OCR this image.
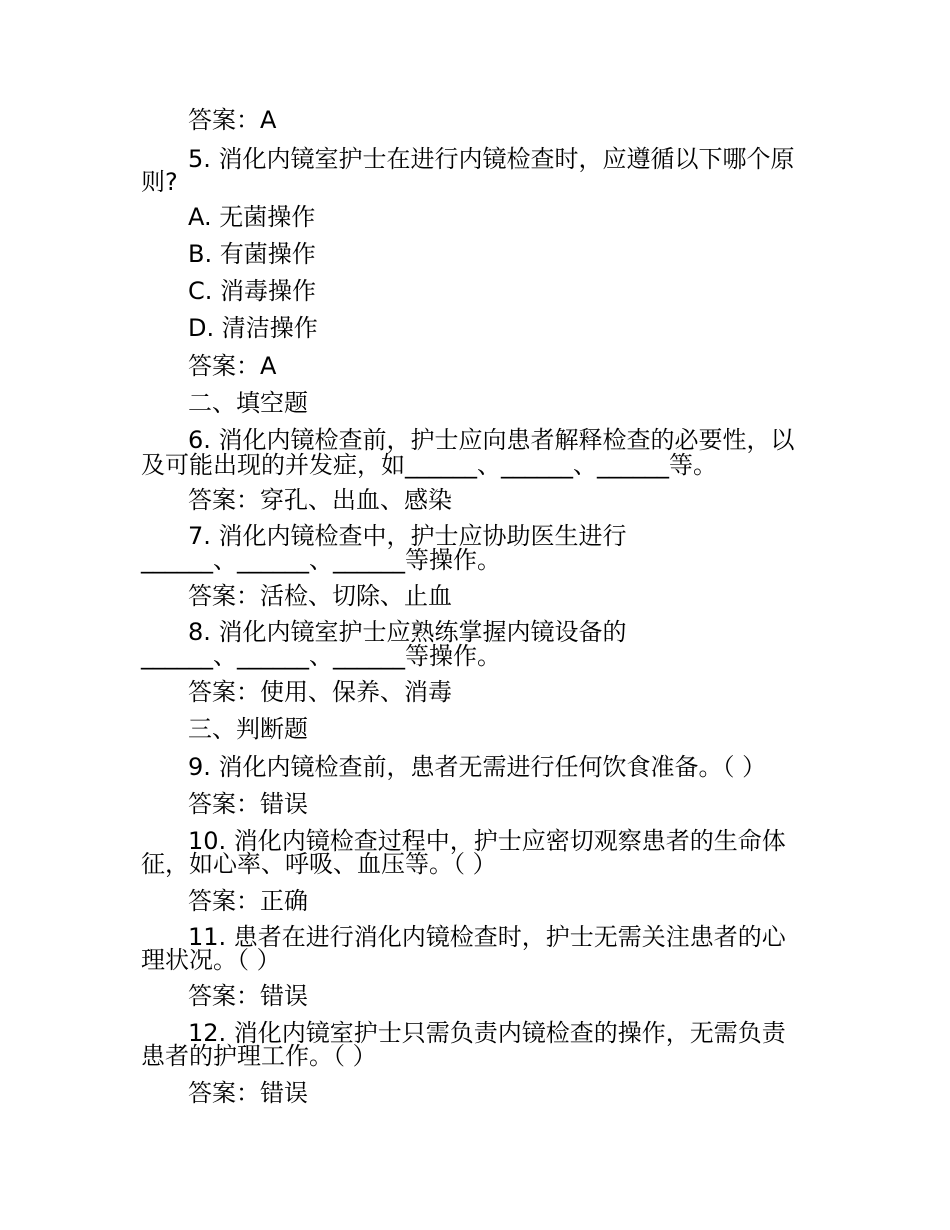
答案：A
5. 消化内镜室护士在进行内镜检查时，应遵循以下哪个原
则?
A. 无菌操作
B. 有菌操作
C. 消毒操作
D. 清洁操作
答案：A
二、填空题
6. 消化内镜检查前，护士应向患者解释检查的必要性，以
及可能出现的并发症，如______、______、______等。
答案：穿孔、出血、感染
7. 消化内镜检查中，护士应协助医生进行
______、______、______等操作。
答案：活检、切除、止血
8. 消化内镜室护士应熟练掌握内镜设备的
______、______、______等操作。
答案：使用、保养、消毒
三、判断题
9. 消化内镜检查前，患者无需进行任何饮食准备。（ ）
答案：错误
10. 消化内镜检查过程中，护士应密切观察患者的生命体
征，如心率、呼吸、血压等。（ ）
答案：正确
11. 患者在进行消化内镜检查时，护士无需关注患者的心
理状况。（ ）
答案：错误
12. 消化内镜室护士只需负责内镜检查的操作，无需负责
患者的护理工作。（ ）
答案：错误
